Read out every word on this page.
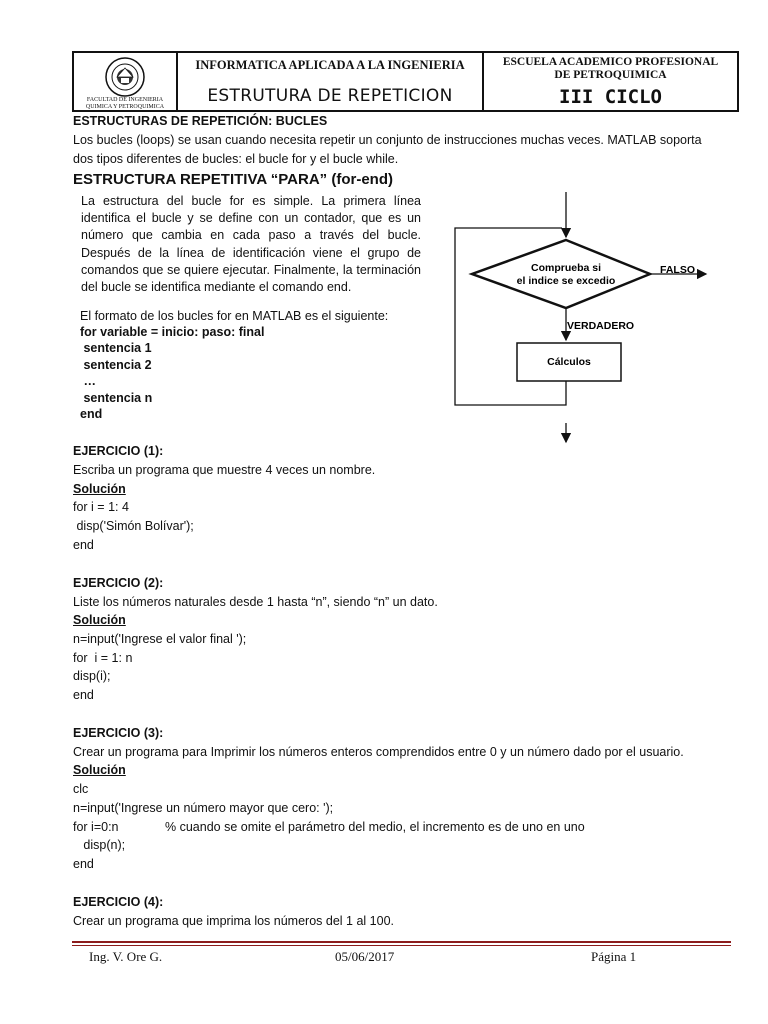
FACULTAD DE INGENIERIA
QUIMICA Y PETROQUIMICA
INFORMATICA APLICADA A LA INGENIERIA
ESTRUTURA DE REPETICION
ESCUELA ACADEMICO PROFESIONAL
DE PETROQUIMICA
III CICLO
ESTRUCTURAS DE REPETICIÓN: BUCLES
Los bucles (loops) se usan cuando necesita repetir un conjunto de instrucciones muchas veces. MATLAB soporta
dos tipos diferentes de bucles: el bucle for y el bucle while.
ESTRUCTURA REPETITIVA “PARA” (for-end)
La estructura del bucle for es simple. La primera línea identifica el bucle y se define con un contador, que es un número que cambia en cada paso a través del bucle. Después de la línea de identificación viene el grupo de comandos que se quiere ejecutar. Finalmente, la terminación del bucle se identifica mediante el comando end.
El formato de los bucles for en MATLAB es el siguiente:
for variable = inicio: paso: final
sentencia 1
sentencia 2
…
sentencia n
end
Comprueba si
el indice se excedio
FALSO
VERDADERO
Cálculos
EJERCICIO (1):
Escriba un programa que muestre 4 veces un nombre.
Solución
for i = 1: 4
disp('Simón Bolívar');
end
EJERCICIO (2):
Liste los números naturales desde 1 hasta “n”, siendo “n” un dato.
Solución
n=input('Ingrese el valor final ');
for  i = 1: n
disp(i);
end
EJERCICIO (3):
Crear un programa para Imprimir los números enteros comprendidos entre 0 y un número dado por el usuario.
Solución
clc
n=input('Ingrese un número mayor que cero: ');
for i=0:n	% cuando se omite el parámetro del medio, el incremento es de uno en uno
disp(n);
end
EJERCICIO (4):
Crear un programa que imprima los números del 1 al 100.
Ing. V. Ore G.	05/06/2017	Página 1
